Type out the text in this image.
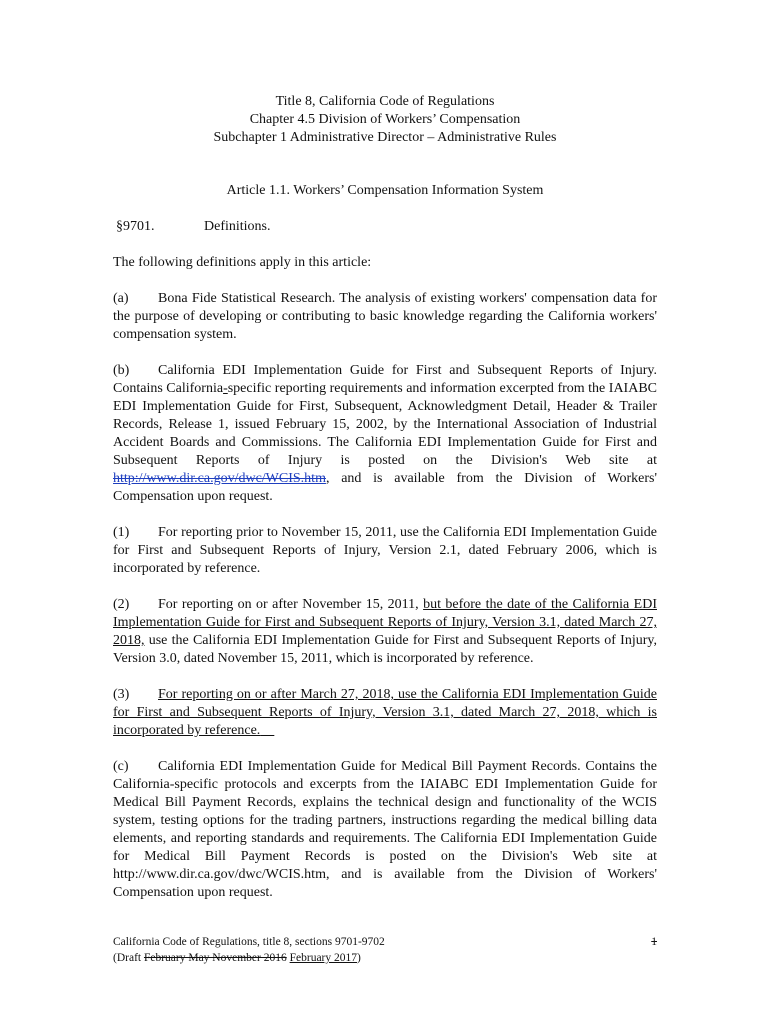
Title 8, California Code of Regulations
Chapter 4.5 Division of Workers’ Compensation
Subchapter 1 Administrative Director – Administrative Rules
Article 1.1. Workers’ Compensation Information System
§9701.	Definitions.
The following definitions apply in this article:
(a) Bona Fide Statistical Research. The analysis of existing workers' compensation data for the purpose of developing or contributing to basic knowledge regarding the California workers' compensation system.
(b) California EDI Implementation Guide for First and Subsequent Reports of Injury. Contains California-specific reporting requirements and information excerpted from the IAIABC EDI Implementation Guide for First, Subsequent, Acknowledgment Detail, Header & Trailer Records, Release 1, issued February 15, 2002, by the International Association of Industrial Accident Boards and Commissions. The California EDI Implementation Guide for First and Subsequent Reports of Injury is posted on the Division's Web site at http://www.dir.ca.gov/dwc/WCIS.htm, and is available from the Division of Workers' Compensation upon request.
(1) For reporting prior to November 15, 2011, use the California EDI Implementation Guide for First and Subsequent Reports of Injury, Version 2.1, dated February 2006, which is incorporated by reference.
(2) For reporting on or after November 15, 2011, but before the date of the California EDI Implementation Guide for First and Subsequent Reports of Injury, Version 3.1, dated March 27, 2018, use the California EDI Implementation Guide for First and Subsequent Reports of Injury, Version 3.0, dated November 15, 2011, which is incorporated by reference.
(3) For reporting on or after March 27, 2018, use the California EDI Implementation Guide for First and Subsequent Reports of Injury, Version 3.1, dated March 27, 2018, which is incorporated by reference.
(c) California EDI Implementation Guide for Medical Bill Payment Records. Contains the California-specific protocols and excerpts from the IAIABC EDI Implementation Guide for Medical Bill Payment Records, explains the technical design and functionality of the WCIS system, testing options for the trading partners, instructions regarding the medical billing data elements, and reporting standards and requirements. The California EDI Implementation Guide for Medical Bill Payment Records is posted on the Division's Web site at http://www.dir.ca.gov/dwc/WCIS.htm, and is available from the Division of Workers' Compensation upon request.
California Code of Regulations, title 8, sections 9701-9702
(Draft February May November 2016 February 2017)
1
